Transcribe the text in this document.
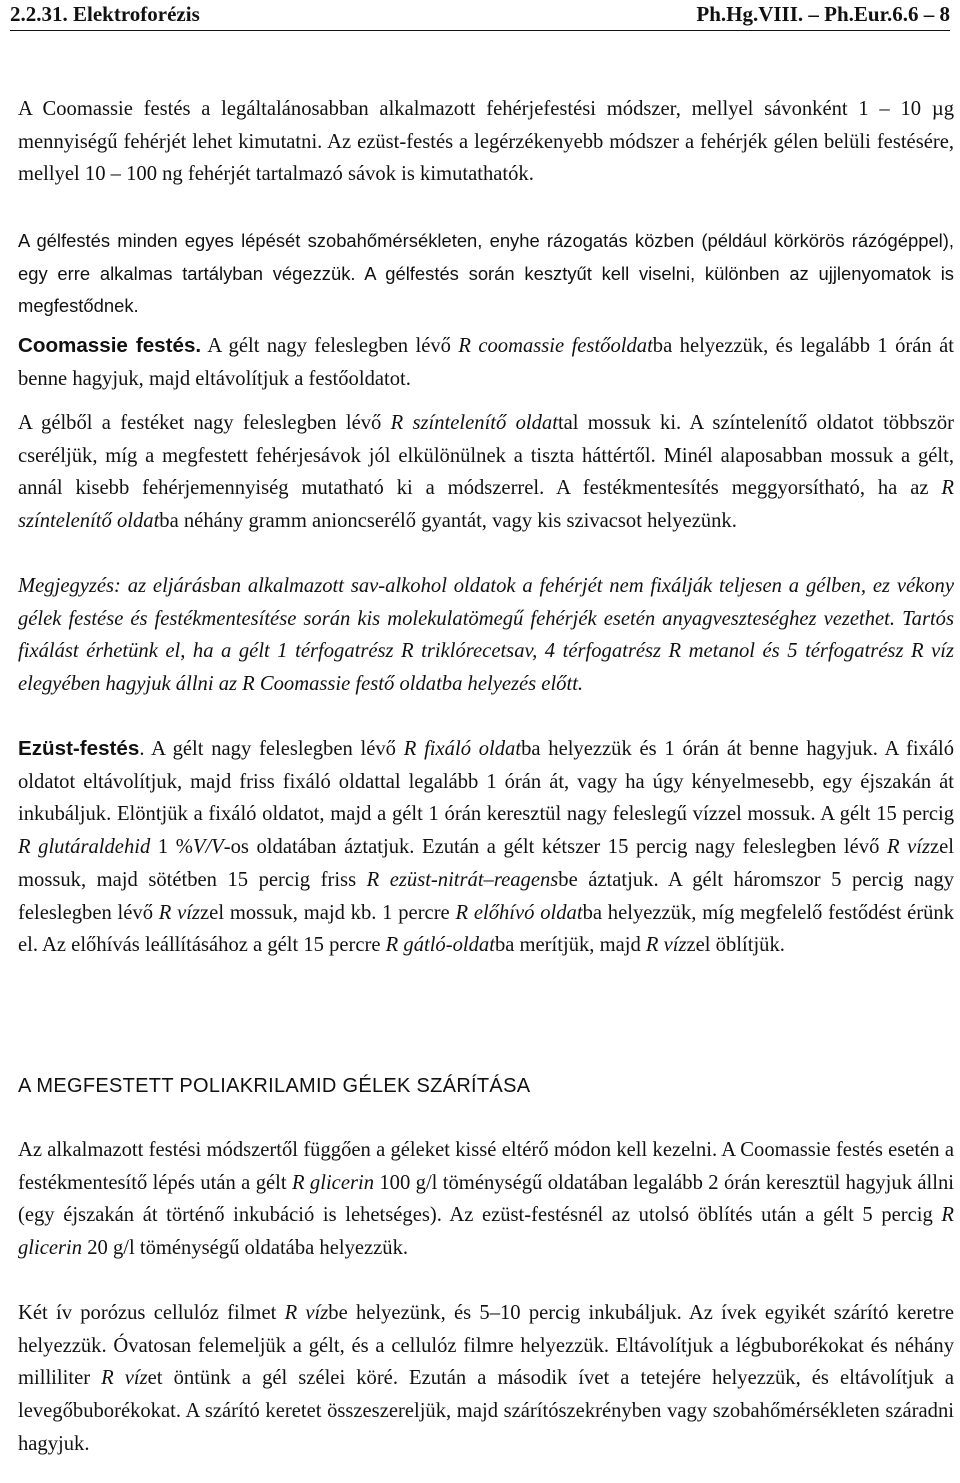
2.2.31. Elektroforézis	Ph.Hg.VIII. – Ph.Eur.6.6 – 8

A Coomassie festés a legáltalánosabban alkalmazott fehérjefestési módszer, mellyel sávonként 1 – 10 µg mennyiségű fehérjét lehet kimutatni. Az ezüst-festés a legérzékenyebb módszer a fehérjék gélen belüli festésére, mellyel 10 – 100 ng fehérjét tartalmazó sávok is kimutathatók.

A gélfestés minden egyes lépését szobahőmérsékleten, enyhe rázogatás közben (például körkörös rázógéppel), egy erre alkalmas tartályban végezzük. A gélfestés során kesztyűt kell viselni, különben az ujjlenyomatok is megfestődnek.

Coomassie festés. A gélt nagy feleslegben lévő R coomassie festőoldatba helyezzük, és legalább 1 órán át benne hagyjuk, majd eltávolítjuk a festőoldatot.

A gélből a festéket nagy feleslegben lévő R színtelenítő oldattal mossuk ki. A színtelenítő oldatot többször cseréljük, míg a megfestett fehérjesávok jól elkülönülnek a tiszta háttértől. Minél alaposabban mossuk a gélt, annál kisebb fehérjemennyiség mutatható ki a módszerrel. A festékmentesítés meggyorsítható, ha az R színtelenítő oldatba néhány gramm anioncserélő gyantát, vagy kis szivacsot helyezünk.

Megjegyzés: az eljárásban alkalmazott sav-alkohol oldatok a fehérjét nem fixálják teljesen a gélben, ez vékony gélek festése és festékmentesítése során kis molekulatömegű fehérjék esetén anyagveszteséghez vezethet. Tartós fixálást érhetünk el, ha a gélt 1 térfogatrész R triklórecetsav, 4 térfogatrész R metanol és 5 térfogatrész R víz elegyében hagyjuk állni az R Coomassie festő oldatba helyezés előtt.

Ezüst-festés. A gélt nagy feleslegben lévő R fixáló oldatba helyezzük és 1 órán át benne hagyjuk. A fixáló oldatot eltávolítjuk, majd friss fixáló oldattal legalább 1 órán át, vagy ha úgy kényelmesebb, egy éjszakán át inkubáljuk. Elöntjük a fixáló oldatot, majd a gélt 1 órán keresztül nagy feleslegű vízzel mossuk. A gélt 15 percig R glutáraldehid 1 %V/V-os oldatában áztatjuk. Ezután a gélt kétszer 15 percig nagy feleslegben lévő R vízzel mossuk, majd sötétben 15 percig friss R ezüst-nitrát–reagensbe áztatjuk. A gélt háromszor 5 percig nagy feleslegben lévő R vízzel mossuk, majd kb. 1 percre R előhívó oldatba helyezzük, míg megfelelő festődést érünk el. Az előhívás leállításához a gélt 15 percre R gátló-oldatba merítjük, majd R vízzel öblítjük.

A MEGFESTETT POLIAKRILAMID GÉLEK SZÁRÍTÁSA

Az alkalmazott festési módszertől függően a géleket kissé eltérő módon kell kezelni. A Coomassie festés esetén a festékmentesítő lépés után a gélt R glicerin 100 g/l töménységű oldatában legalább 2 órán keresztül hagyjuk állni (egy éjszakán át történő inkubáció is lehetséges). Az ezüst-festésnél az utolsó öblítés után a gélt 5 percig R glicerin 20 g/l töménységű oldatába helyezzük.

Két ív porózus cellulóz filmet R vízbe helyezünk, és 5–10 percig inkubáljuk. Az ívek egyikét szárító keretre helyezzük. Óvatosan felemeljük a gélt, és a cellulóz filmre helyezzük. Eltávolítjuk a légbuborékokat és néhány milliliter R vízet öntünk a gél szélei köré. Ezután a második ívet a tetejére helyezzük, és eltávolítjuk a levegőbuborékokat. A szárító keretet összeszereljük, majd szárítószekrényben vagy szobahőmérsékleten száradni hagyjuk.
